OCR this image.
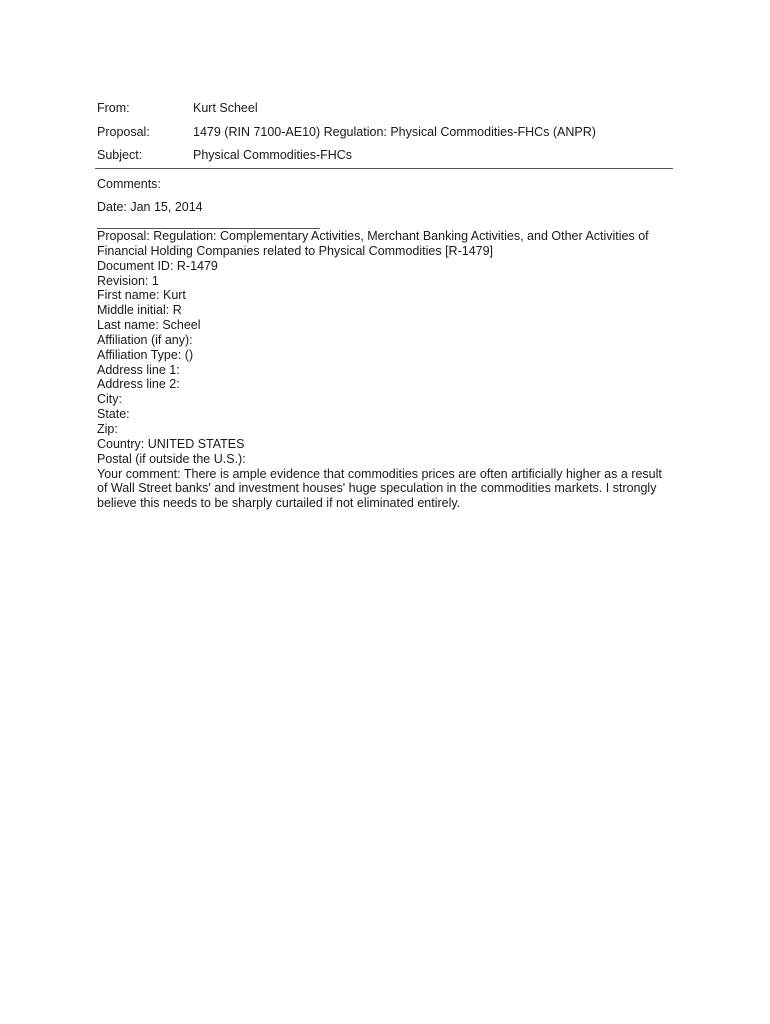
From:	Kurt Scheel
Proposal:	1479 (RIN 7100-AE10) Regulation: Physical Commodities-FHCs (ANPR)
Subject:	Physical Commodities-FHCs
Comments:
Date: Jan 15, 2014
Proposal: Regulation: Complementary Activities, Merchant Banking Activities, and Other Activities of Financial Holding Companies related to Physical Commodities [R-1479]
Document ID: R-1479
Revision: 1
First name: Kurt
Middle initial: R
Last name: Scheel
Affiliation (if any):
Affiliation Type: ()
Address line 1:
Address line 2:
City:
State:
Zip:
Country: UNITED STATES
Postal (if outside the U.S.):
Your comment: There is ample evidence that commodities prices are often artificially higher as a result of Wall Street banks' and investment houses' huge speculation in the commodities markets. I strongly believe this needs to be sharply curtailed if not eliminated entirely.
